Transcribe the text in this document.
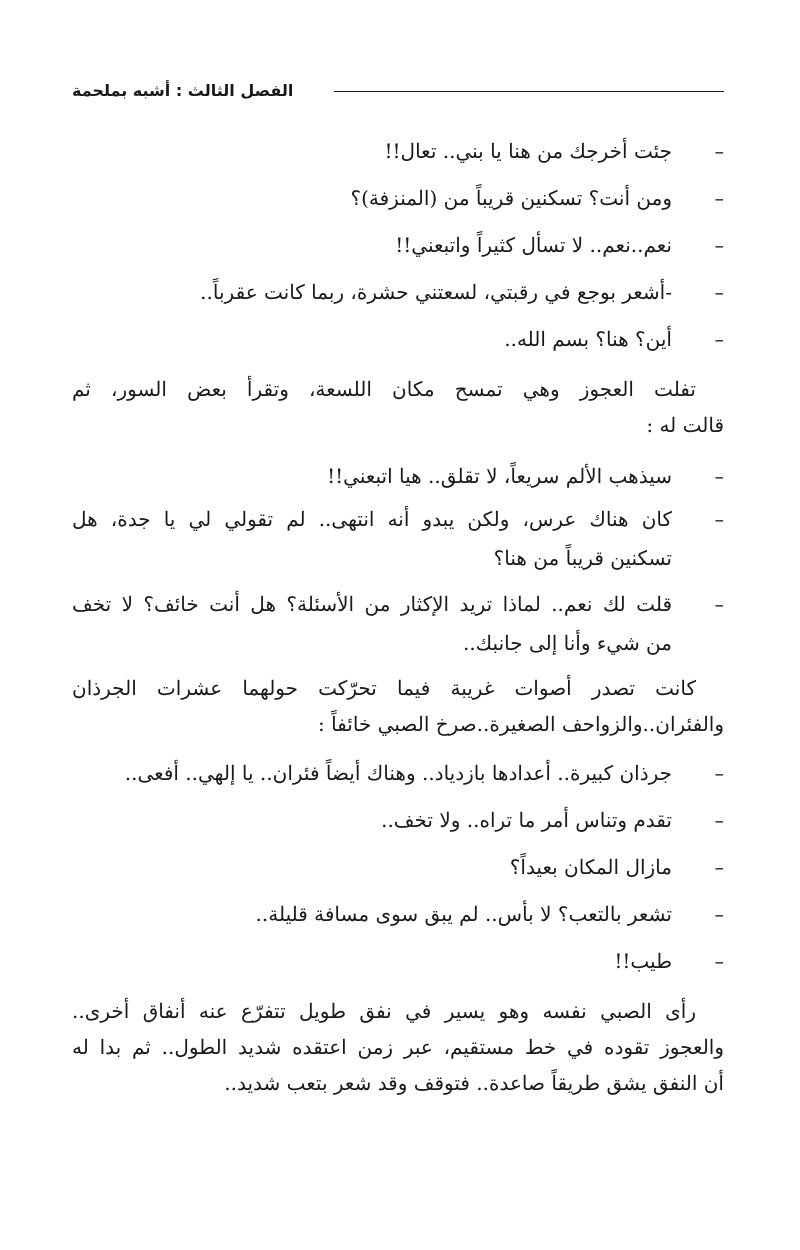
الفصل الثالث : أشبه بملحمة
–
جئت أخرجك من هنا يا بني.. تعال!!
–
ومن أنت؟ تسكنين قريباً من (المنزفة)؟
–
نعم..نعم.. لا تسأل كثيراً واتبعني!!
–
-أشعر بوجع في رقبتي، لسعتني حشرة، ربما كانت عقرباً..
–
أين؟ هنا؟ بسم الله..
تفلت العجوز وهي تمسح مكان اللسعة، وتقرأ بعض السور، ثم
قالت له :
–
سيذهب الألم سريعاً، لا تقلق.. هيا اتبعني!!
–
كان هناك عرس، ولكن يبدو أنه انتهى.. لم تقولي لي يا جدة، هل
تسكنين قريباً من هنا؟
–
قلت لك نعم.. لماذا تريد الإكثار من الأسئلة؟ هل أنت خائف؟ لا تخف
من شيء وأنا إلى جانبك..
كانت تصدر أصوات غريبة فيما تحرّكت حولهما عشرات الجرذان
والفئران..والزواحف الصغيرة..صرخ الصبي خائفاً :
–
جرذان كبيرة.. أعدادها بازدياد.. وهناك أيضاً فئران.. يا إلهي.. أفعى..
–
تقدم وتناس أمر ما تراه.. ولا تخف..
–
مازال المكان بعيداً؟
–
تشعر بالتعب؟ لا بأس.. لم يبق سوى مسافة قليلة..
–
طيب!!
رأى الصبي نفسه وهو يسير في نفق طويل تتفرّع عنه أنفاق أخرى..
والعجوز تقوده في خط مستقيم، عبر زمن اعتقده شديد الطول.. ثم بدا له
أن النفق يشق طريقاً صاعدة.. فتوقف وقد شعر بتعب شديد..
